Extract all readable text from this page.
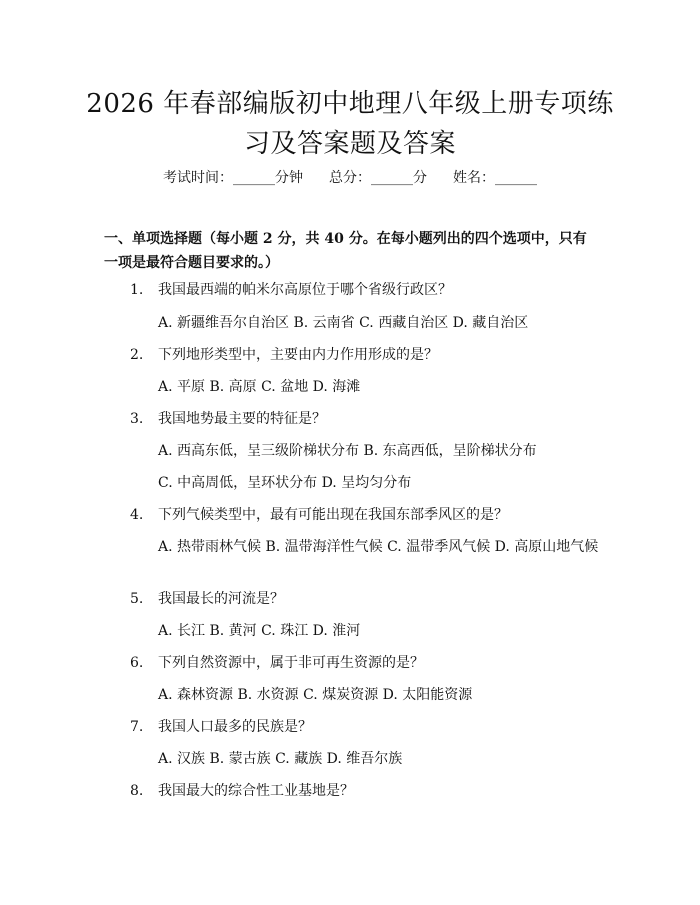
2026 年春部编版初中地理八年级上册专项练
习及答案题及答案
考试时间：______分钟 总分：______分 姓名：______
一、单项选择题（每小题 2 分，共 40 分。在每小题列出的四个选项中，只有一项是最符合题目要求的。）
1. 我国最西端的帕米尔高原位于哪个省级行政区？
A. 新疆维吾尔自治区 B. 云南省 C. 西藏自治区 D. 藏自治区
2. 下列地形类型中，主要由内力作用形成的是？
A. 平原 B. 高原 C. 盆地 D. 海滩
3. 我国地势最主要的特征是？
A. 西高东低，呈三级阶梯状分布 B. 东高西低，呈阶梯状分布
C. 中高周低，呈环状分布 D. 呈均匀分布
4. 下列气候类型中，最有可能出现在我国东部季风区的是？
A. 热带雨林气候 B. 温带海洋性气候 C. 温带季风气候 D. 高原山地气候
5. 我国最长的河流是？
A. 长江 B. 黄河 C. 珠江 D. 淮河
6. 下列自然资源中，属于非可再生资源的是？
A. 森林资源 B. 水资源 C. 煤炭资源 D. 太阳能资源
7. 我国人口最多的民族是？
A. 汉族 B. 蒙古族 C. 藏族 D. 维吾尔族
8. 我国最大的综合性工业基地是？
